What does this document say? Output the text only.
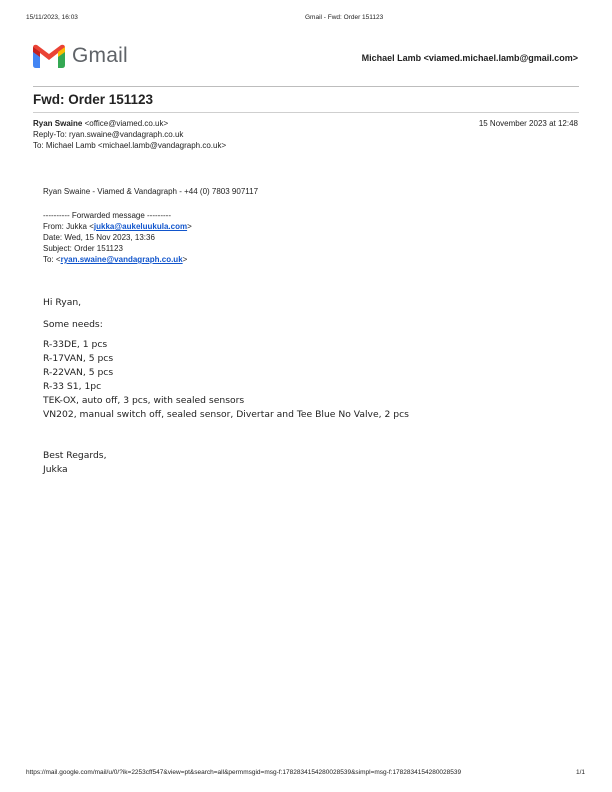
15/11/2023, 16:03	Gmail - Fwd: Order 151123
Gmail	Michael Lamb <viamed.michael.lamb@gmail.com>
Fwd: Order 151123
Ryan Swaine <office@viamed.co.uk>	15 November 2023 at 12:48
Reply-To: ryan.swaine@vandagraph.co.uk
To: Michael Lamb <michael.lamb@vandagraph.co.uk>
Ryan Swaine - Viamed & Vandagraph - +44 (0) 7803 907117
---------- Forwarded message ---------
From: Jukka <jukka@aukeluukula.com>
Date: Wed, 15 Nov 2023, 13:36
Subject: Order 151123
To: <ryan.swaine@vandagraph.co.uk>
Hi Ryan,
Some needs:
R-33DE, 1 pcs
R-17VAN, 5 pcs
R-22VAN, 5 pcs
R-33 S1, 1pc
TEK-OX, auto off, 3 pcs, with sealed sensors
VN202, manual switch off, sealed sensor, Divertar and Tee Blue No Valve, 2 pcs
Best Regards,
Jukka
https://mail.google.com/mail/u/0/?ik=2253cff547&view=pt&search=all&permmsgid=msg-f:1782834154280028539&simpl=msg-f:1782834154280028539	1/1
